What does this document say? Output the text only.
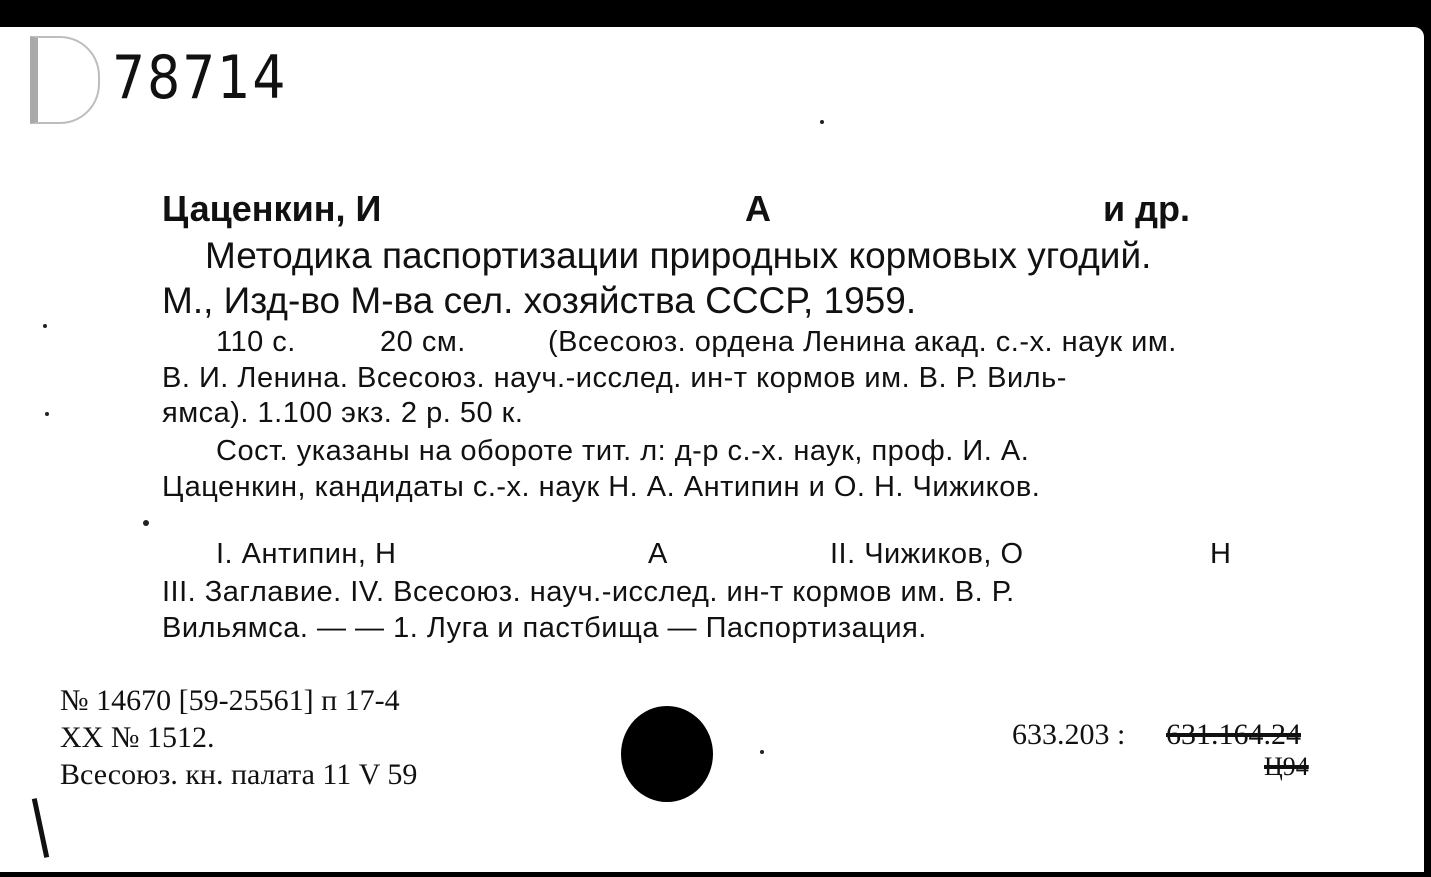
78714
Цаценкин, И	А	и др.
Методика паспортизации природных кормовых угодий.
М., Изд-во М-ва сел. хозяйства СССР, 1959.
110 с.	20 см.	(Всесоюз. ордена Ленина акад. с.-х. наук им.
В. И. Ленина. Всесоюз. науч.-исслед. ин-т кормов им. В. Р. Виль-
ямса). 1.100 экз. 2 р. 50 к.
Сост. указаны на обороте тит. л: д-р с.-х. наук, проф. И. А.
Цаценкин, кандидаты с.-х. наук Н. А. Антипин и О. Н. Чижиков.
I. Антипин, Н	А	II. Чижиков, О	Н
III. Заглавие. IV. Всесоюз. науч.-исслед. ин-т кормов им. В. Р.
Вильямса. — — 1. Луга и пастбища — Паспортизация.
№ 14670 [59-25561] п 17-4
ХХ № 1512.
Всесоюз. кн. палата 11 V 59
633.203 : 631.164.24
Ц94
